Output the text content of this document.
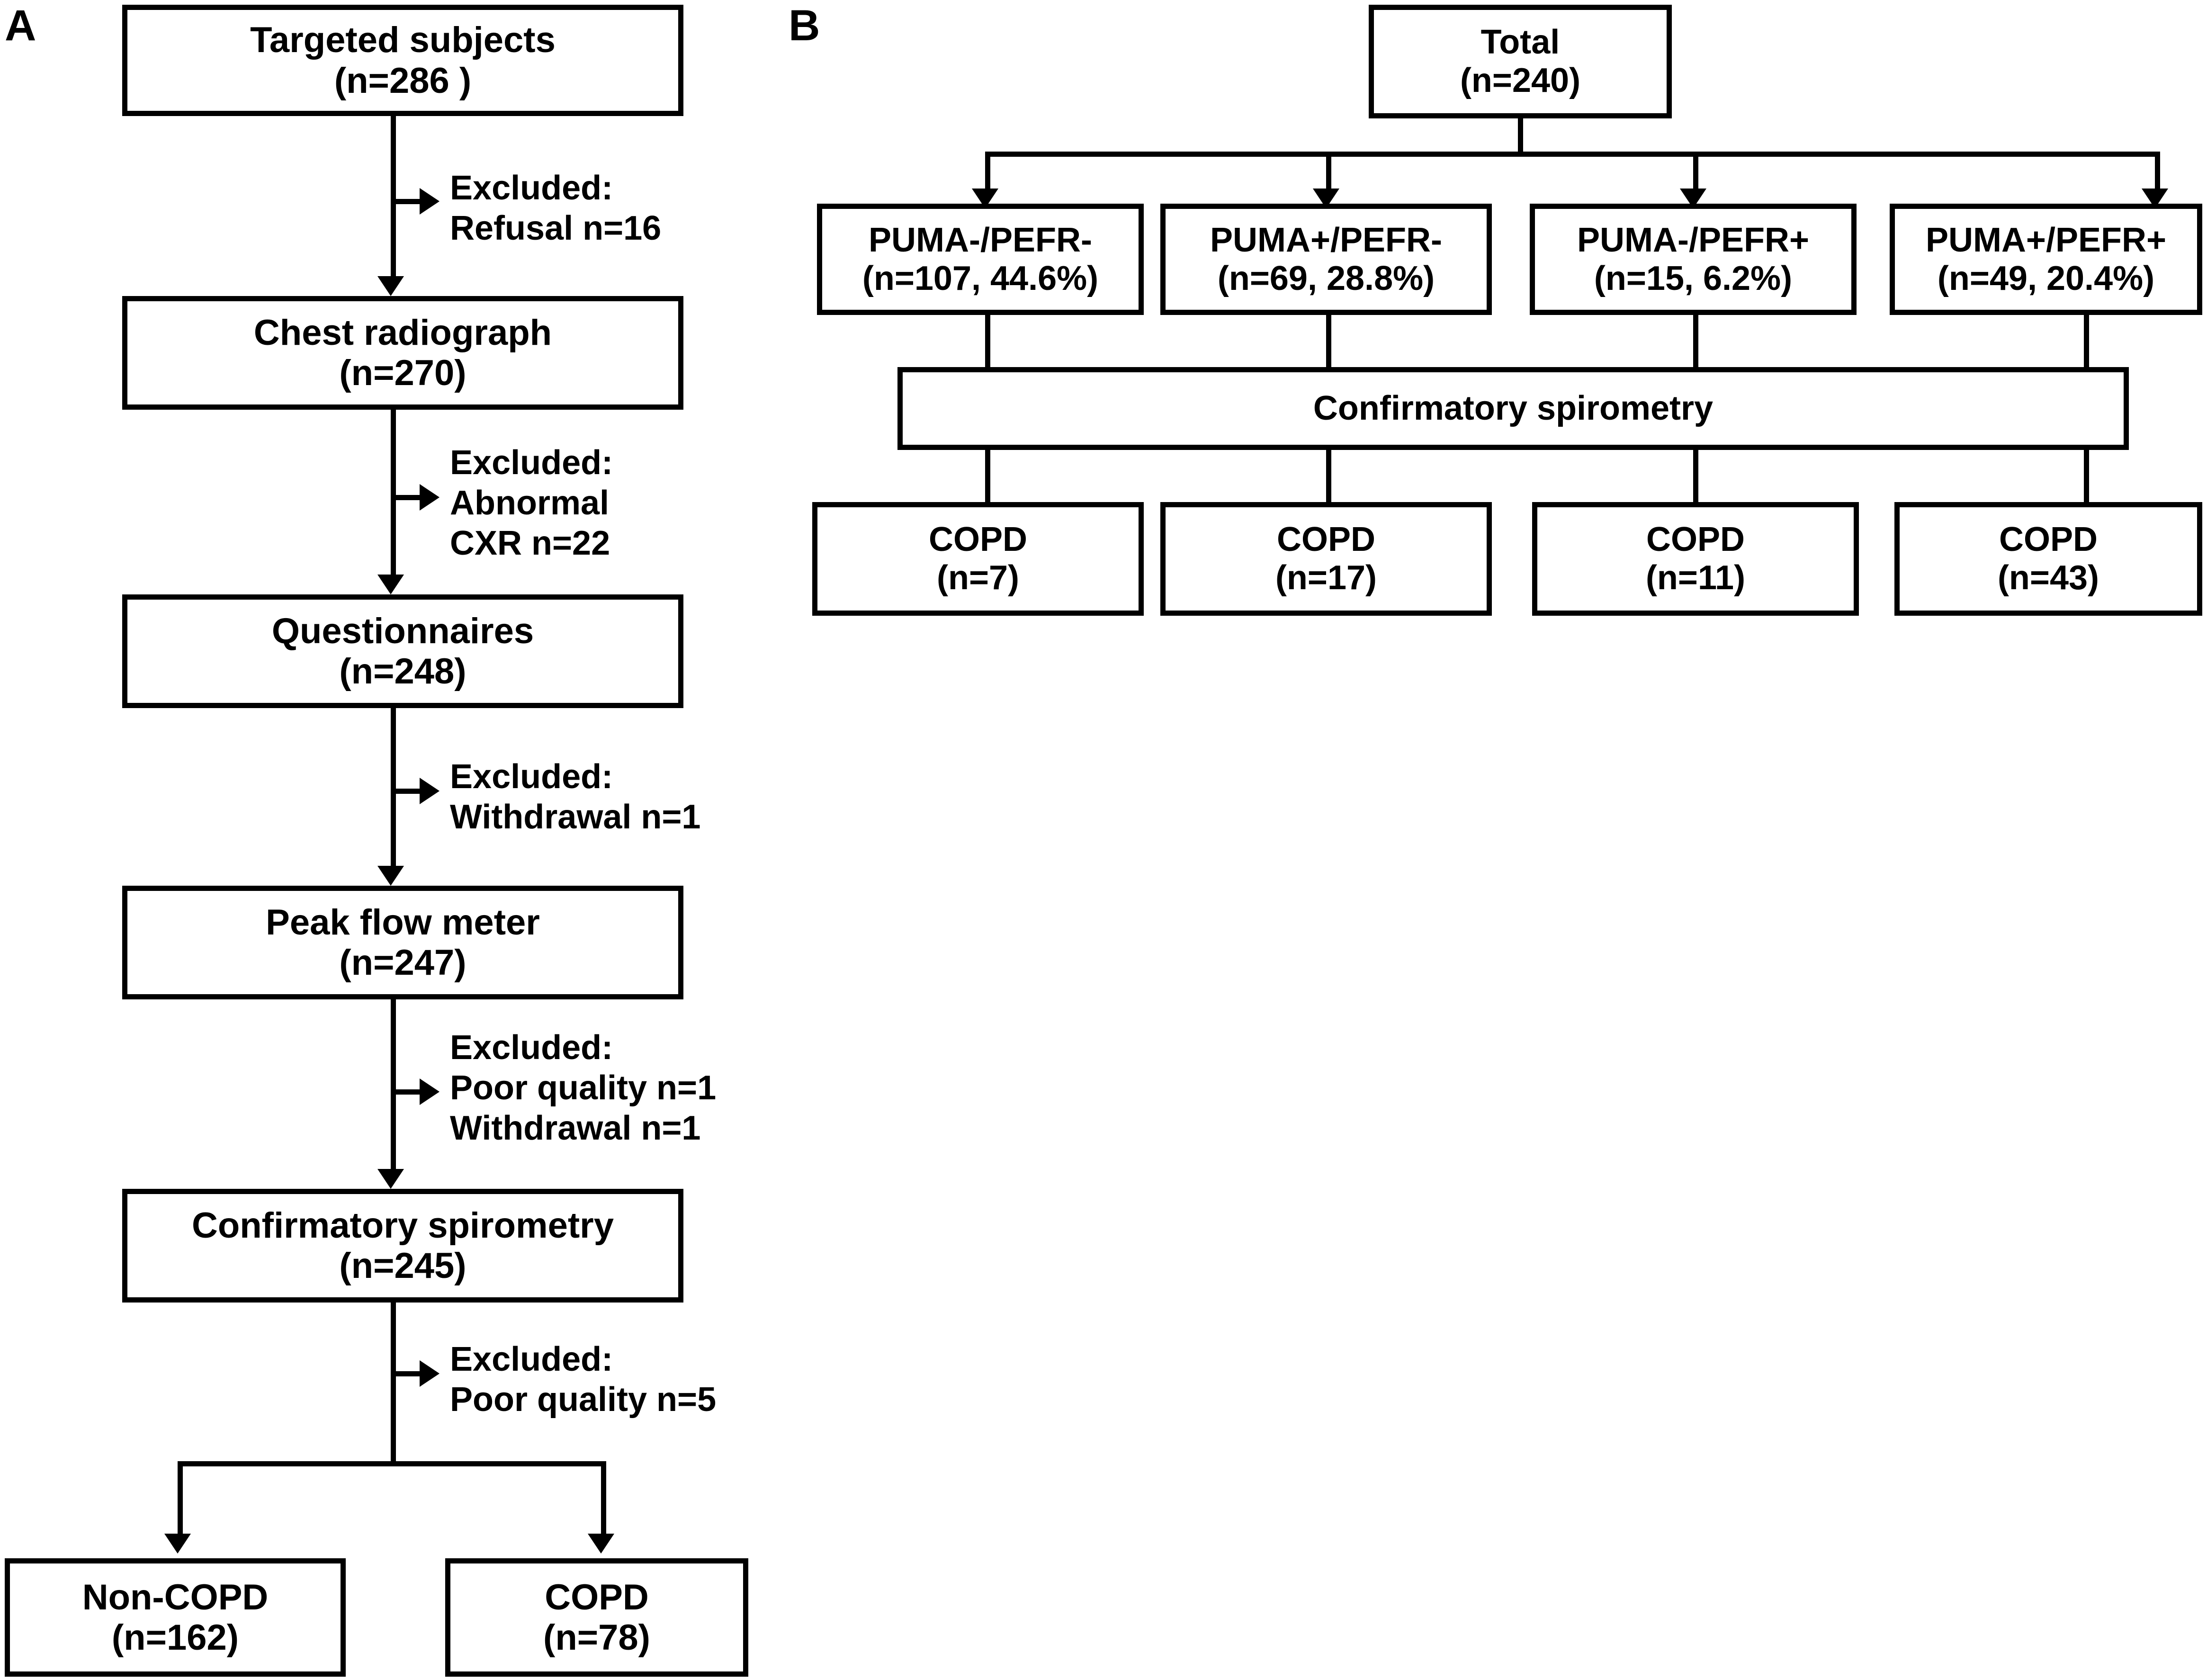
A	B
Targeted subjects
(n=286 )
Chest radiograph
(n=270)
Questionnaires
(n=248)
Peak flow meter
(n=247)
Confirmatory spirometry
(n=245)
Non-COPD
(n=162)
COPD
(n=78)
Excluded:
Refusal n=16
Excluded:
Abnormal
CXR n=22
Excluded:
Withdrawal n=1
Excluded:
Poor quality n=1
Withdrawal n=1
Excluded:
Poor quality n=5
Total
(n=240)
PUMA-/PEFR-
(n=107, 44.6%)
PUMA+/PEFR-
(n=69, 28.8%)
PUMA-/PEFR+
(n=15, 6.2%)
PUMA+/PEFR+
(n=49, 20.4%)
Confirmatory spirometry
COPD
(n=7)
COPD
(n=17)
COPD
(n=11)
COPD
(n=43)
